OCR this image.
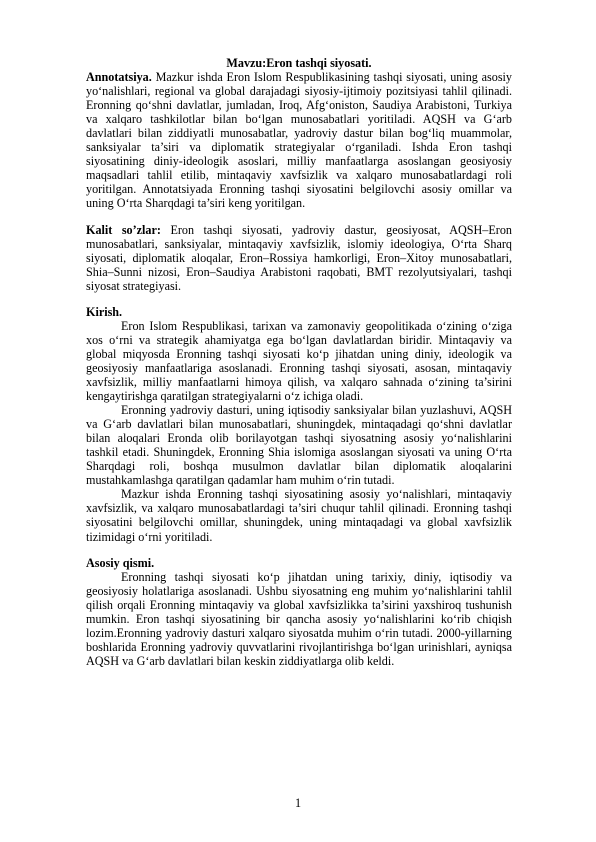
Mavzu:Eron tashqi siyosati.

Annotatsiya. Mazkur ishda Eron Islom Respublikasining tashqi siyosati, uning asosiy yo‘nalishlari, regional va global darajadagi siyosiy-ijtimoiy pozitsiyasi tahlil qilinadi. Eronning qo‘shni davlatlar, jumladan, Iroq, Afg‘oniston, Saudiya Arabistoni, Turkiya va xalqaro tashkilotlar bilan bo‘lgan munosabatlari yoritiladi. AQSH va G‘arb davlatlari bilan ziddiyatli munosabatlar, yadroviy dastur bilan bog‘liq muammolar, sanksiyalar ta’siri va diplomatik strategiyalar o‘rganiladi. Ishda Eron tashqi siyosatining diniy-ideologik asoslari, milliy manfaatlarga asoslangan geosiyosiy maqsadlari tahlil etilib, mintaqaviy xavfsizlik va xalqaro munosabatlardagi roli yoritilgan. Annotatsiyada Eronning tashqi siyosatini belgilovchi asosiy omillar va uning O‘rta Sharqdagi ta’siri keng yoritilgan.

Kalit so’zlar: Eron tashqi siyosati, yadroviy dastur, geosiyosat, AQSH–Eron munosabatlari, sanksiyalar, mintaqaviy xavfsizlik, islomiy ideologiya, O‘rta Sharq siyosati, diplomatik aloqalar, Eron–Rossiya hamkorligi, Eron–Xitoy munosabatlari, Shia–Sunni nizosi, Eron–Saudiya Arabistoni raqobati, BMT rezolyutsiyalari, tashqi siyosat strategiyasi.

Kirish.

Eron Islom Respublikasi, tarixan va zamonaviy geopolitikada o‘zining o‘ziga xos o‘rni va strategik ahamiyatga ega bo‘lgan davlatlardan biridir. Mintaqaviy va global miqyosda Eronning tashqi siyosati ko‘p jihatdan uning diniy, ideologik va geosiyosiy manfaatlariga asoslanadi. Eronning tashqi siyosati, asosan, mintaqaviy xavfsizlik, milliy manfaatlarni himoya qilish, va xalqaro sahnada o‘zining ta’sirini kengaytirishga qaratilgan strategiyalarni o‘z ichiga oladi.

Eronning yadroviy dasturi, uning iqtisodiy sanksiyalar bilan yuzlashuvi, AQSH va G‘arb davlatlari bilan munosabatlari, shuningdek, mintaqadagi qo‘shni davlatlar bilan aloqalari Eronda olib borilayotgan tashqi siyosatning asosiy yo‘nalishlarini tashkil etadi. Shuningdek, Eronning Shia islomiga asoslangan siyosati va uning O‘rta Sharqdagi roli, boshqa musulmon davlatlar bilan diplomatik aloqalarini mustahkamlashga qaratilgan qadamlar ham muhim o‘rin tutadi.

Mazkur ishda Eronning tashqi siyosatining asosiy yo‘nalishlari, mintaqaviy xavfsizlik, va xalqaro munosabatlardagi ta’siri chuqur tahlil qilinadi. Eronning tashqi siyosatini belgilovchi omillar, shuningdek, uning mintaqadagi va global xavfsizlik tizimidagi o‘rni yoritiladi.

Asosiy qismi.

Eronning tashqi siyosati ko‘p jihatdan uning tarixiy, diniy, iqtisodiy va geosiyosiy holatlariga asoslanadi. Ushbu siyosatning eng muhim yo‘nalishlarini tahlil qilish orqali Eronning mintaqaviy va global xavfsizlikka ta’sirini yaxshiroq tushunish mumkin. Eron tashqi siyosatining bir qancha asosiy yo‘nalishlarini ko‘rib chiqish lozim.Eronning yadroviy dasturi xalqaro siyosatda muhim o‘rin tutadi. 2000-yillarning boshlarida Eronning yadroviy quvvatlarini rivojlantirishga bo‘lgan urinishlari, ayniqsa AQSH va G‘arb davlatlari bilan keskin ziddiyatlarga olib keldi.

1
